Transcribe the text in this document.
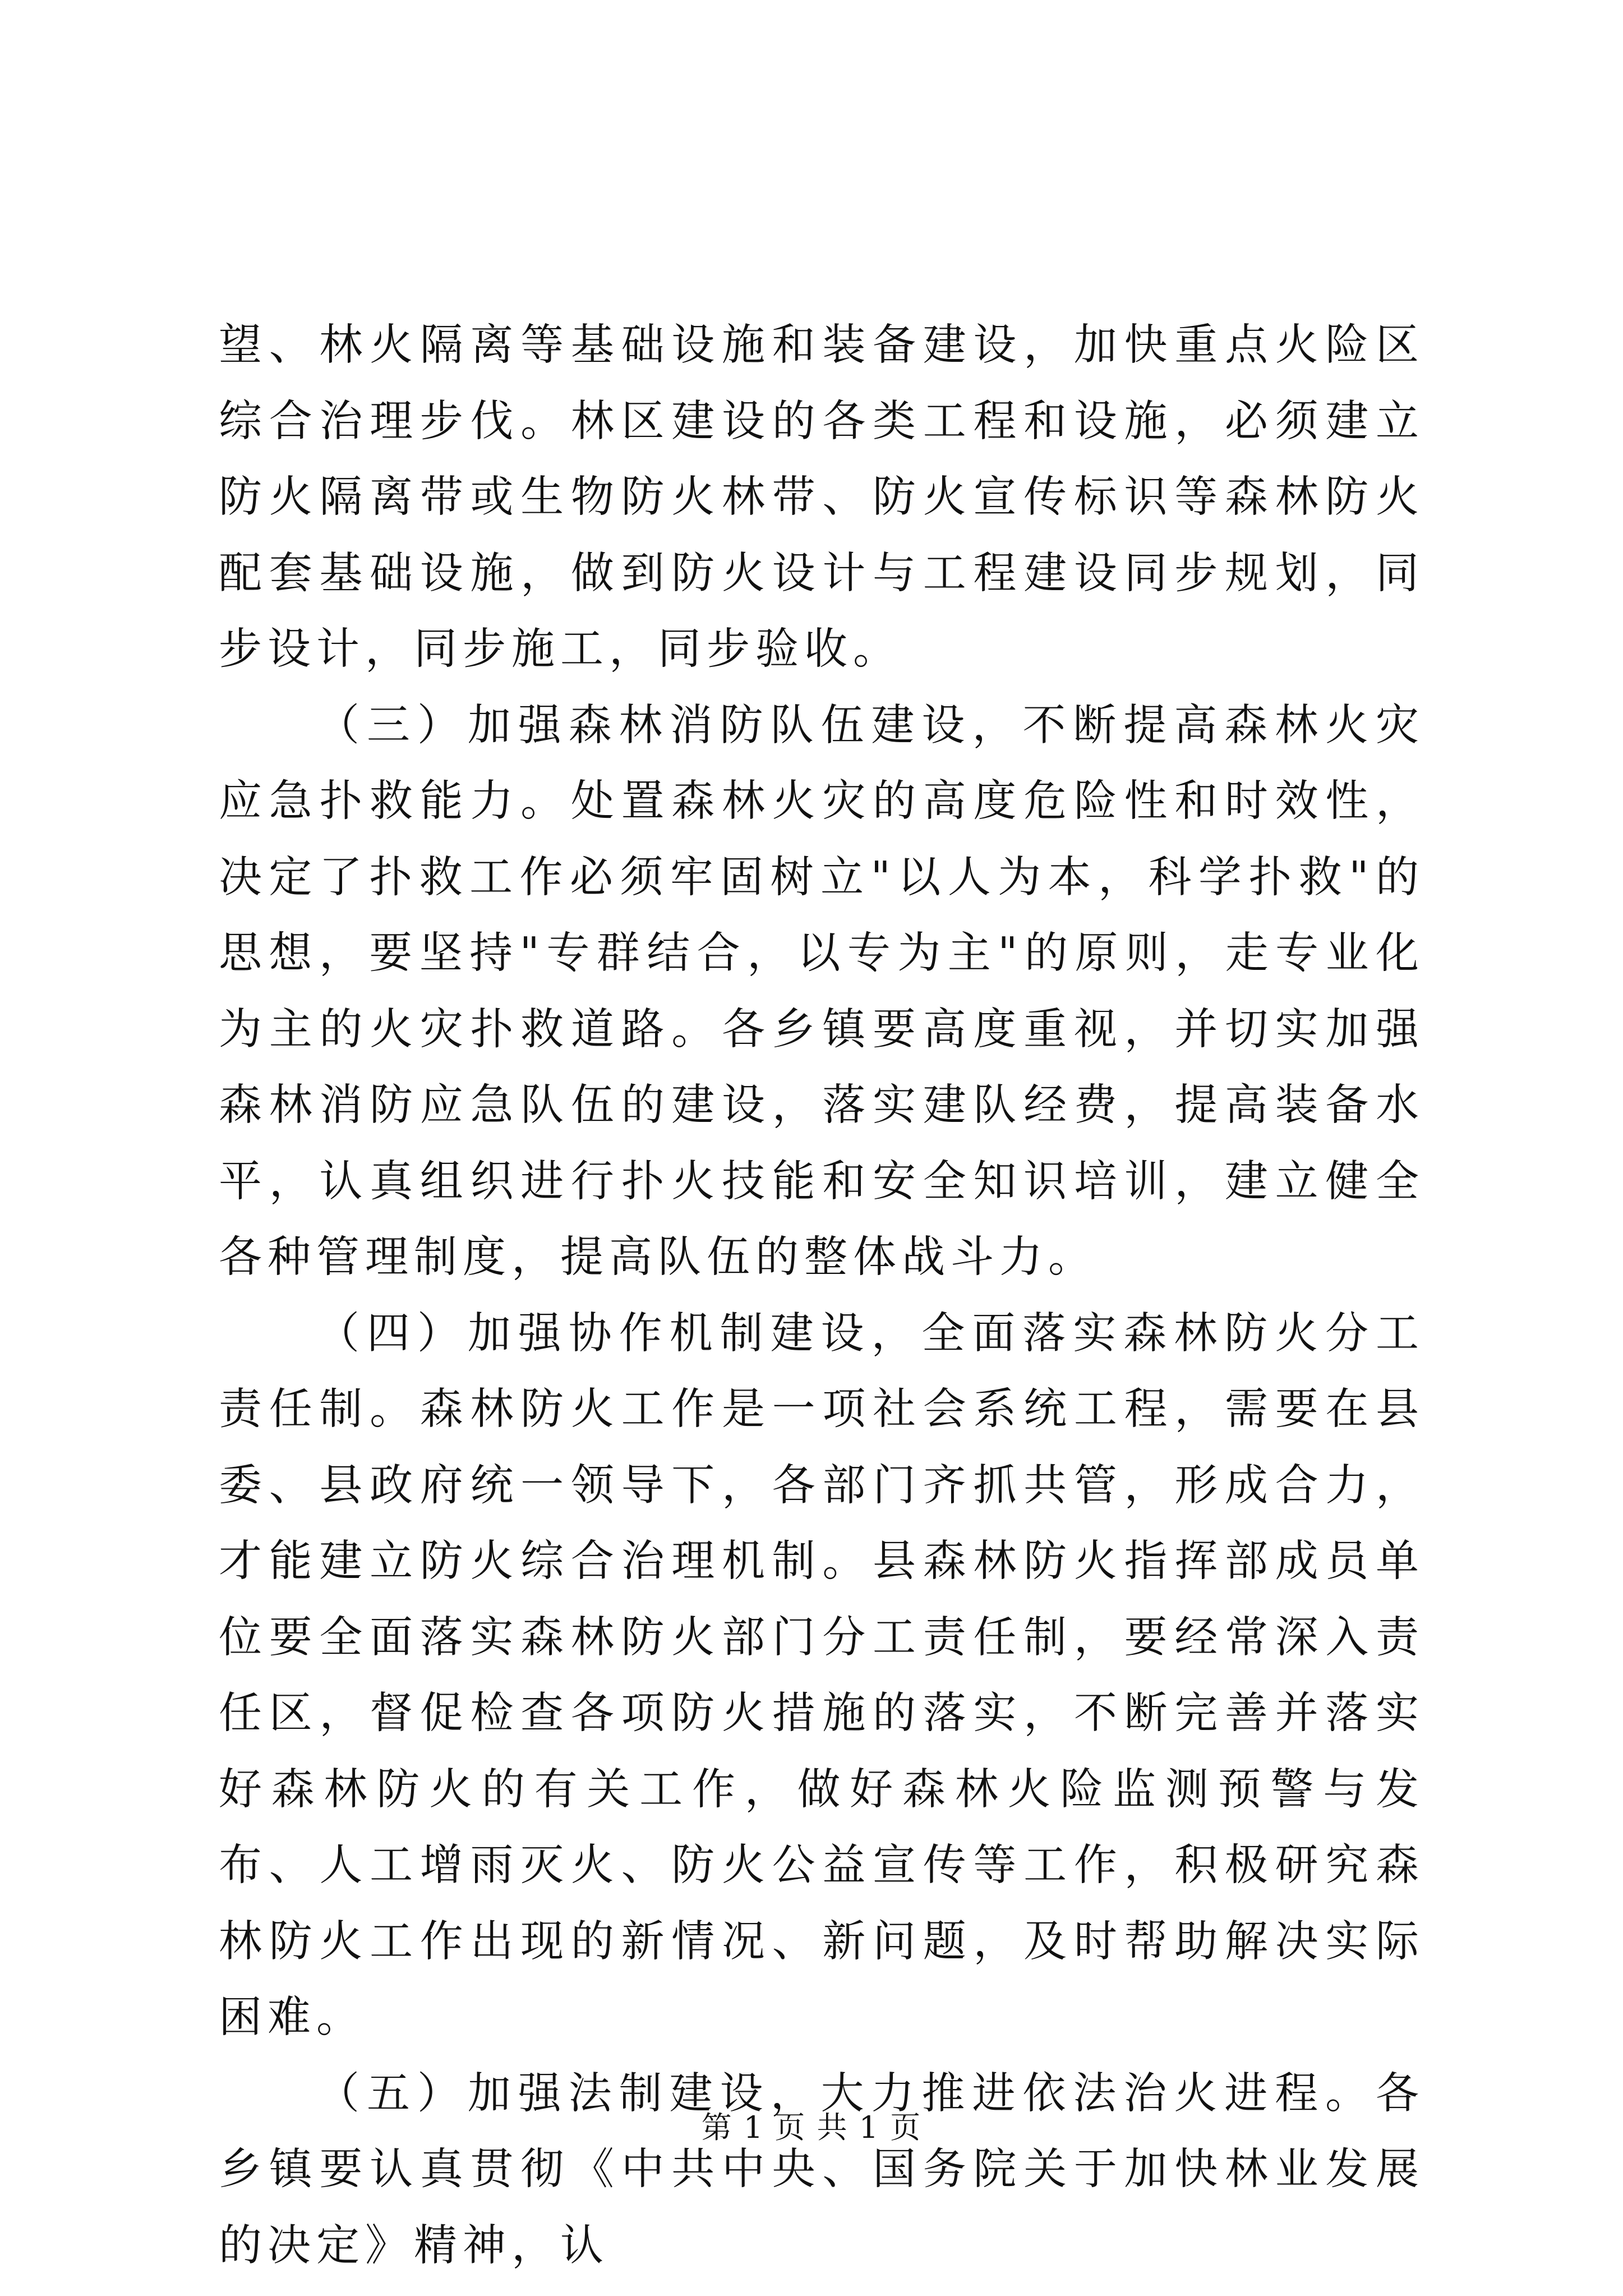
望、林火隔离等基础设施和装备建设，加快重点火险区综合治理步伐。林区建设的各类工程和设施，必须建立防火隔离带或生物防火林带、防火宣传标识等森林防火配套基础设施，做到防火设计与工程建设同步规划，同步设计，同步施工，同步验收。

（三）加强森林消防队伍建设，不断提高森林火灾应急扑救能力。处置森林火灾的高度危险性和时效性，决定了扑救工作必须牢固树立"以人为本，科学扑救"的思想，要坚持"专群结合，以专为主"的原则，走专业化为主的火灾扑救道路。各乡镇要高度重视，并切实加强森林消防应急队伍的建设，落实建队经费，提高装备水平，认真组织进行扑火技能和安全知识培训，建立健全各种管理制度，提高队伍的整体战斗力。

（四）加强协作机制建设，全面落实森林防火分工责任制。森林防火工作是一项社会系统工程，需要在县委、县政府统一领导下，各部门齐抓共管，形成合力，才能建立防火综合治理机制。县森林防火指挥部成员单位要全面落实森林防火部门分工责任制，要经常深入责任区，督促检查各项防火措施的落实，不断完善并落实好森林防火的有关工作，做好森林火险监测预警与发布、人工增雨灭火、防火公益宣传等工作，积极研究森林防火工作出现的新情况、新问题，及时帮助解决实际困难。

（五）加强法制建设，大力推进依法治火进程。各乡镇要认真贯彻《中共中央、国务院关于加快林业发展的决定》精神，认

第 1 页 共 1 页
